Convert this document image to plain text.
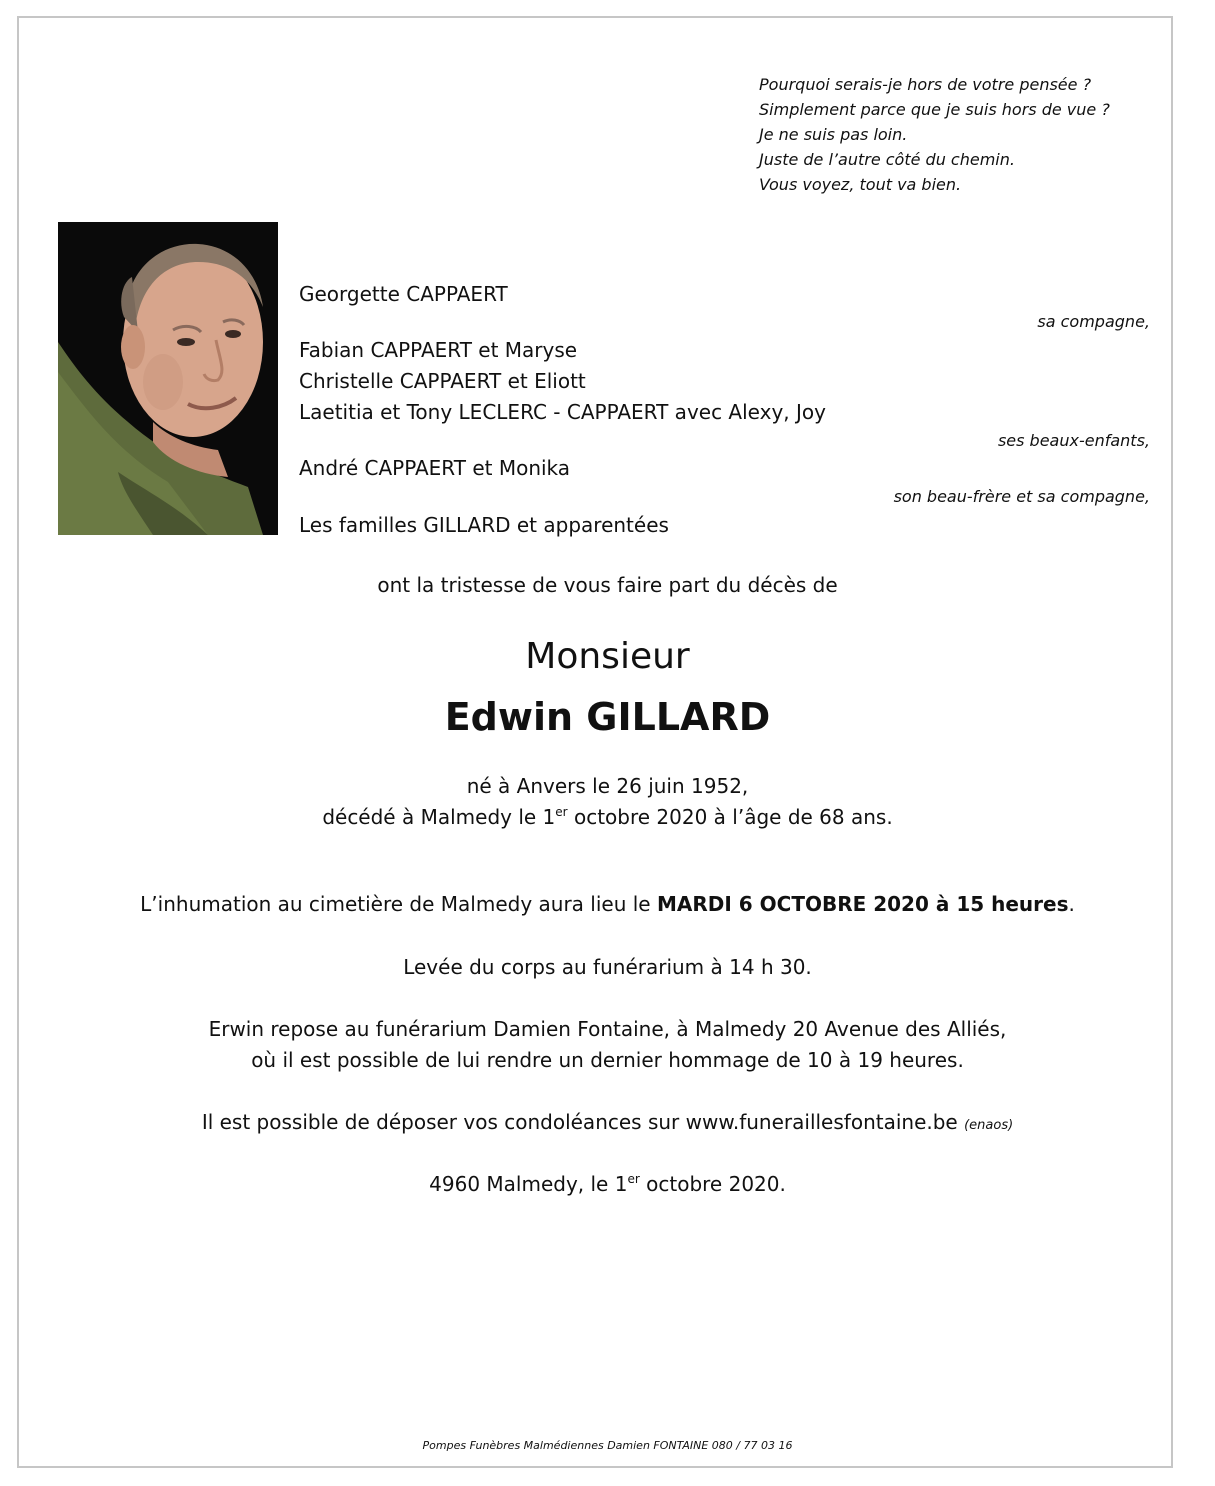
Pourquoi serais-je hors de votre pensée ?
Simplement parce que je suis hors de vue ?
Je ne suis pas loin.
Juste de l’autre côté du chemin.
Vous voyez, tout va bien.
Georgette CAPPAERT
sa compagne,
Fabian CAPPAERT et Maryse
Christelle CAPPAERT et Eliott
Laetitia et Tony LECLERC - CAPPAERT avec Alexy, Joy
ses beaux-enfants,
André CAPPAERT et Monika
son beau-frère et sa compagne,
Les familles GILLARD et apparentées
ont la tristesse de vous faire part du décès de
Monsieur
Edwin GILLARD
né à Anvers le 26 juin 1952,
décédé à Malmedy le 1er octobre 2020 à l’âge de 68 ans.
L’inhumation au cimetière de Malmedy aura lieu le MARDI 6 OCTOBRE 2020 à 15 heures.
Levée du corps au funérarium à 14 h 30.
Erwin repose au funérarium Damien Fontaine, à Malmedy 20 Avenue des Alliés,
où il est possible de lui rendre un dernier hommage de 10 à 19 heures.
Il est possible de déposer vos condoléances sur www.funeraillesfontaine.be (enaos)
4960 Malmedy, le 1er octobre 2020.
Pompes Funèbres Malmédiennes Damien FONTAINE 080 / 77 03 16
